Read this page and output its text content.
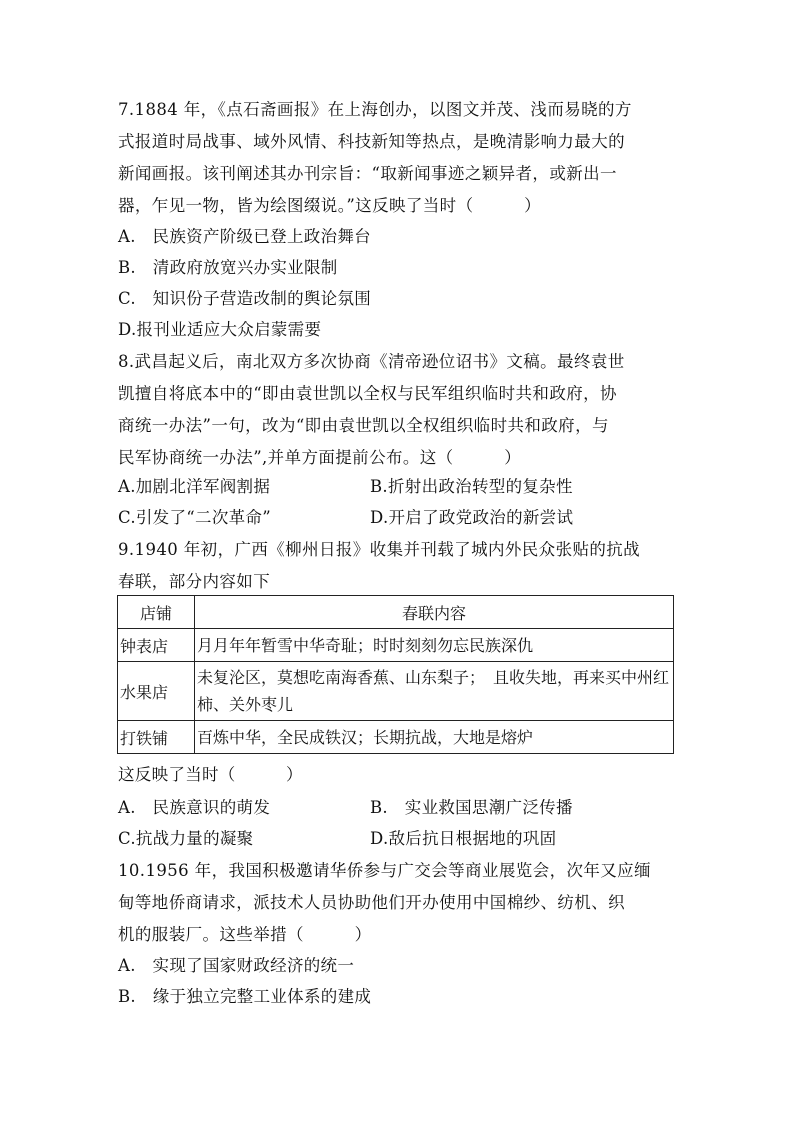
7.1884 年，《点石斋画报》在上海创办，以图文并茂、浅而易晓的方
式报道时局战事、域外风情、科技新知等热点，是晚清影响力最大的
新闻画报。该刊阐述其办刊宗旨：“取新闻事迹之颖异者，或新出一
器，乍见一物，皆为绘图缀说。”这反映了当时（　　　）
A.　民族资产阶级已登上政治舞台
B.　清政府放宽兴办实业限制
C.　知识份子营造改制的舆论氛围
D.报刊业适应大众启蒙需要
8.武昌起义后，南北双方多次协商《清帝逊位诏书》文稿。最终袁世
凯擅自将底本中的“即由袁世凯以全权与民军组织临时共和政府，协
商统一办法”一句，改为“即由袁世凯以全权组织临时共和政府，与
民军协商统一办法”,并单方面提前公布。这（　　　）
A.加剧北洋军阀割据	B.折射出政治转型的复杂性
C.引发了“二次革命”	D.开启了政党政治的新尝试
9.1940 年初，广西《柳州日报》收集并刊载了城内外民众张贴的抗战
春联，部分内容如下
店铺	春联内容
钟表店	月月年年暂雪中华奇耻；时时刻刻勿忘民族深仇
水果店	未复沦区，莫想吃南海香蕉、山东梨子；　且收失地，再来买中州红柿、关外枣儿
打铁铺	百炼中华，全民成铁汉；长期抗战，大地是熔炉
这反映了当时（　　　）
A.　民族意识的萌发	B.　实业救国思潮广泛传播
C.抗战力量的凝聚	D.敌后抗日根据地的巩固
10.1956 年，我国积极邀请华侨参与广交会等商业展览会，次年又应缅
甸等地侨商请求，派技术人员协助他们开办使用中国棉纱、纺机、织
机的服装厂。这些举措（　　　）
A.　实现了国家财政经济的统一
B.　缘于独立完整工业体系的建成
